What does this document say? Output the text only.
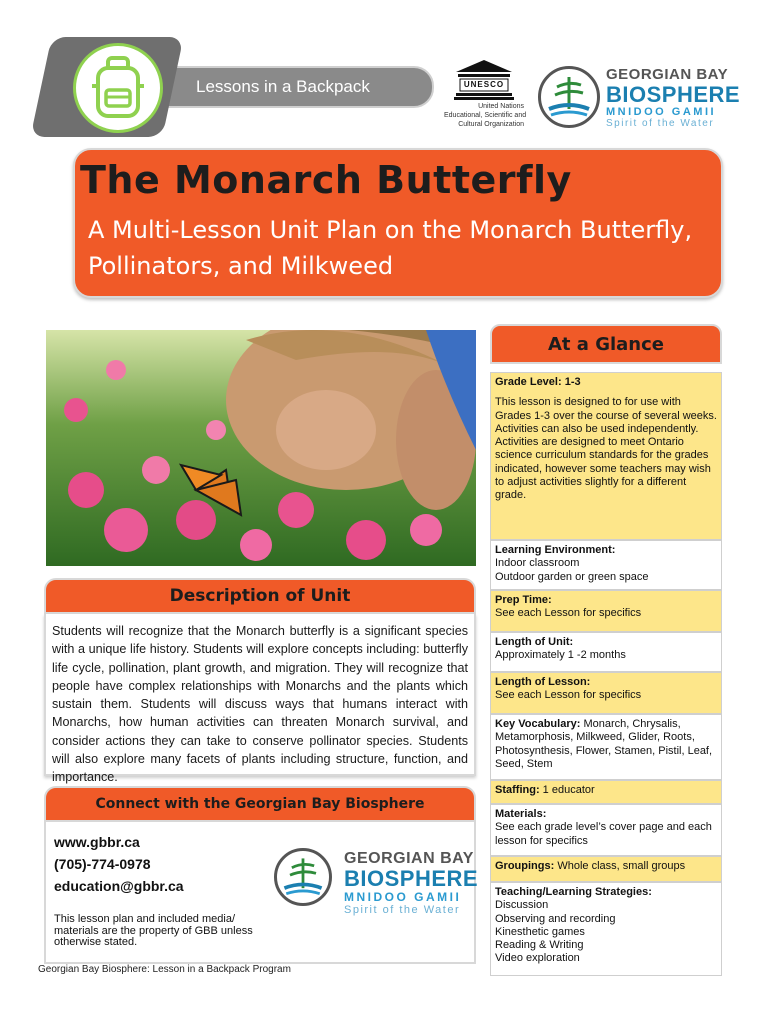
Lessons in a Backpack	UNESCO
United Nations
Educational, Scientific and
Cultural Organization
GEORGIAN BAY
BIOSPHERE
MNIDOO GAMII
Spirit of the Water
The Monarch Butterfly
A Multi-Lesson Unit Plan on the Monarch Butterfly, Pollinators, and Milkweed
Description of Unit

Students will recognize that the Monarch butterfly is a significant species with a unique life history. Students will explore concepts including: butterfly life cycle, pollination, plant growth, and migration. They will recognize that people have complex relationships with Monarchs and the plants which sustain them. Students will discuss ways that humans interact with Monarchs, how human activities can threaten Monarch survival, and consider actions they can take to conserve pollinator species. Students will also explore many facets of plants including structure, function, and importance.

Connect with the Georgian Bay Biosphere
www.gbbr.ca
(705)-774-0978
education@gbbr.ca
This lesson plan and included media/ materials are the property of GBB unless otherwise stated.
GEORGIAN BAY
BIOSPHERE
MNIDOO GAMII
Spirit of the Water
Georgian Bay Biosphere: Lesson in a Backpack Program
At a Glance
Grade Level: 1-3
This lesson is designed to for use with Grades 1-3 over the course of several weeks. Activities can also be used independently. Activities are designed to meet Ontario science curriculum standards for the grades indicated, however some teachers may wish to adjust activities slightly for a different grade.
Learning Environment:
Indoor classroom
Outdoor garden or green space
Prep Time:
See each Lesson for specifics
Length of Unit:
Approximately 1 -2 months
Length of Lesson:
See each Lesson for specifics
Key Vocabulary: Monarch, Chrysalis, Metamorphosis, Milkweed, Glider, Roots, Photosynthesis, Flower, Stamen, Pistil, Leaf, Seed, Stem
Staffing: 1 educator
Materials:
See each grade level’s cover page and each lesson for specifics
Groupings: Whole class, small groups
Teaching/Learning Strategies:
Discussion
Observing and recording
Kinesthetic games
Reading & Writing
Video exploration
